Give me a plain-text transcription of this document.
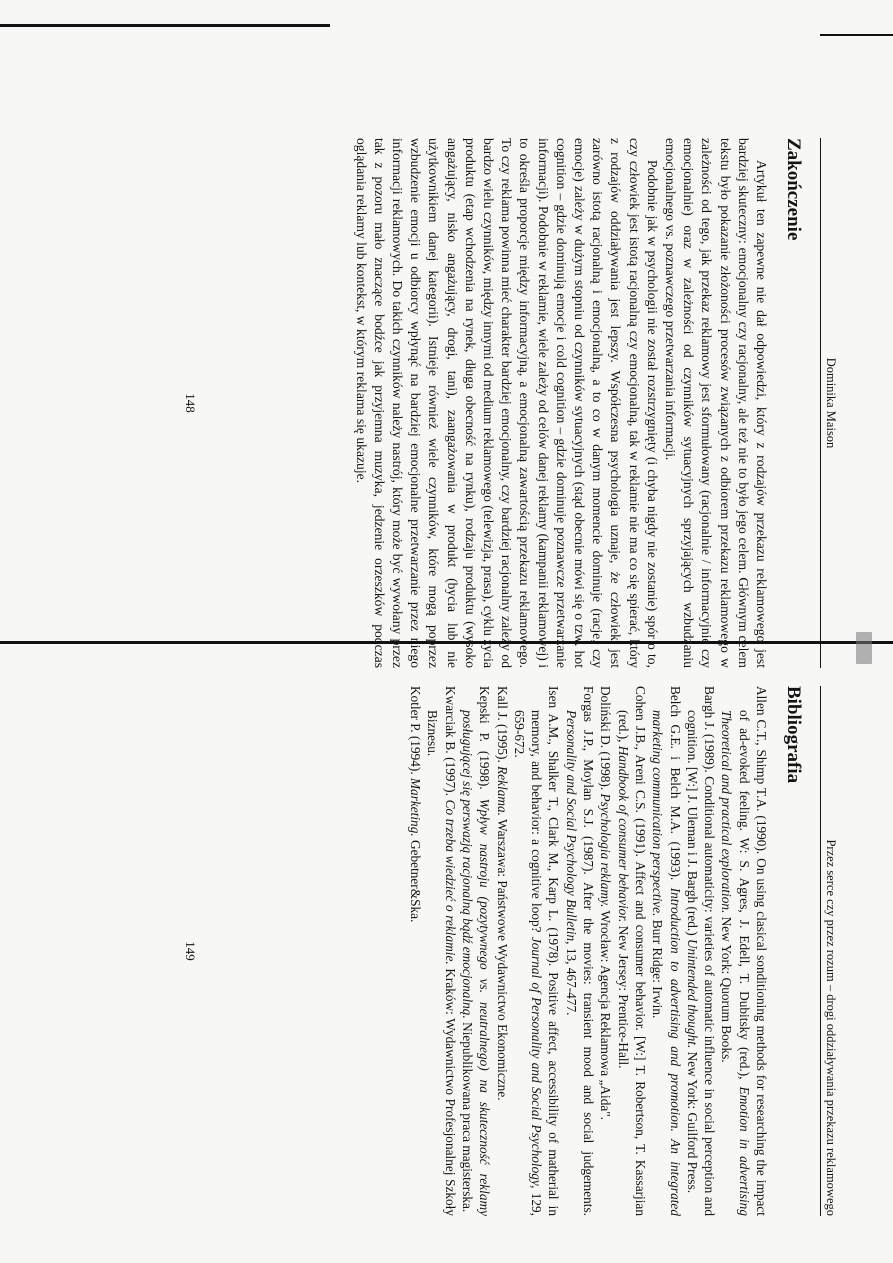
Dominika Maison
Zakończenie

Artykuł ten zapewne nie dał odpowiedzi, który z rodzajów przekazu reklamowego jest bardziej skuteczny: emocjonalny czy racjonalny, ale też nie to było jego celem. Głównym celem tekstu było pokazanie złożoności procesów związanych z odbiorem przekazu reklamowego w zależności od tego, jak przekaz reklamowy jest sformułowany (racjonalnie / informacyjnie czy emocjonalnie) oraz w zależności od czynników sytuacyjnych sprzyjających wzbudzaniu emocjonalnego vs. poznawczego przetwarzania informacji.

Podobnie jak w psychologii nie został rozstrzygnięty (i chyba nigdy nie zostanie) spór o to, czy człowiek jest istotą racjonalną czy emocjonalną, tak w reklamie nie ma co się spierać, który z rodzajów oddziaływania jest lepszy. Współczesna psychologia uznaje, że człowiek jest zarówno istotą racjonalną i emocjonalną, a to co w danym momencie dominuje (racje, czy emocje) zależy w dużym stopniu od czynników sytuacyjnych (stąd obecnie mówi się o tzw. hot cognition – gdzie dominują emocje i cold cognition – gdzie dominuje poznawcze przetwarzanie informacji). Podobnie w reklamie, wiele zależy od celów danej reklamy (kampanii reklamowej) i to określa proporcje między informacyjną, a emocjonalną zawartością przekazu reklamowego. To czy reklama powinna mieć charakter bardziej emocjonalny, czy bardziej racjonalny zależy od bardzo wielu czynników, między innymi od medium reklamowego (telewizja, prasa), cyklu życia produktu (etap wchodzenia na rynek, długa obecność na rynku), rodzaju produktu (wysoko angażujący, nisko angażujący, drogi, tani), zaangażowania w produkt (bycia lub nie użytkownikiem danej kategorii). Istnieje również wiele czynników, które mogą poprzez wzbudzenie emocji u odbiorcy wpłynąć na bardziej emocjonalne przetwarzanie przez niego informacji reklamowych. Do takich czynników należy nastrój, który może być wywołany przez tak z pozoru mało znaczące bodźce jak przyjemna muzyka, jedzenie orzeszków podczas oglądania reklamy lub kontekst, w którym reklama się ukazuje.

148
Przez serce czy przez rozum – drogi oddziaływania przekazu reklamowego
Bibliografia

Allen C.T., Shimp T.A. (1990). On using clasical sonditioning methods for researching the impact of ad-evoked feeling. W: S. Agres, J. Edell, T. Dubitsky (red.), Emotion in advertising Theoretical and practical exploration. New York: Quorum Books.

Bargh J. (1989). Conditional automaticity: varieties of automatic influence in social perception and cognition. [W:] J. Uleman i J. Bargh (red.) Unintended thought. New York: Guilford Press.

Belch G.E. i Belch M.A. (1993). Introduction to advertising and promotion. An integrated marketing communication perspective. Burr Ridge: Irwin.

Cohen J.B., Areni C.S. (1991). Affect and consumer behavior. [W:] T. Robertson, T. Kassarjian (red.), Handbook of consumer behavior. New Jersey: Prentice-Hall.

Doliński D. (1998). Psychologia reklamy. Wrocław: Agencja Reklamowa „Aida".

Forgas J.P., Moylan S.J. (1987). After the movies: transient mood and social judgements. Personality and Social Psychology Bulletin, 13, 467-477.

Isen A.M., Shalker T., Clark M., Karp L. (1978). Positive affect, accessibility of matherial in memory, and behavior: a cognitive loop? Journal of Personality and Social Psychology, 129, 659-672.

Kall J. (1995). Reklama. Warszawa: Państwowe Wydawnictwo Ekonomiczne.

Kepski P. (1998). Wpływ nastroju (pozytywnego vs. neutralnego) na skuteczność reklamy posługującej się perswazją racjonalną bądź emocjonalną. Niepublikowana praca magisterska.

Kwarciak B. (1997). Co trzeba wiedzieć o reklamie. Kraków: Wydawnictwo Profesjonalnej Szkoły Biznesu.

Kotler P. (1994). Marketing. Gebetner&Ska.

149
